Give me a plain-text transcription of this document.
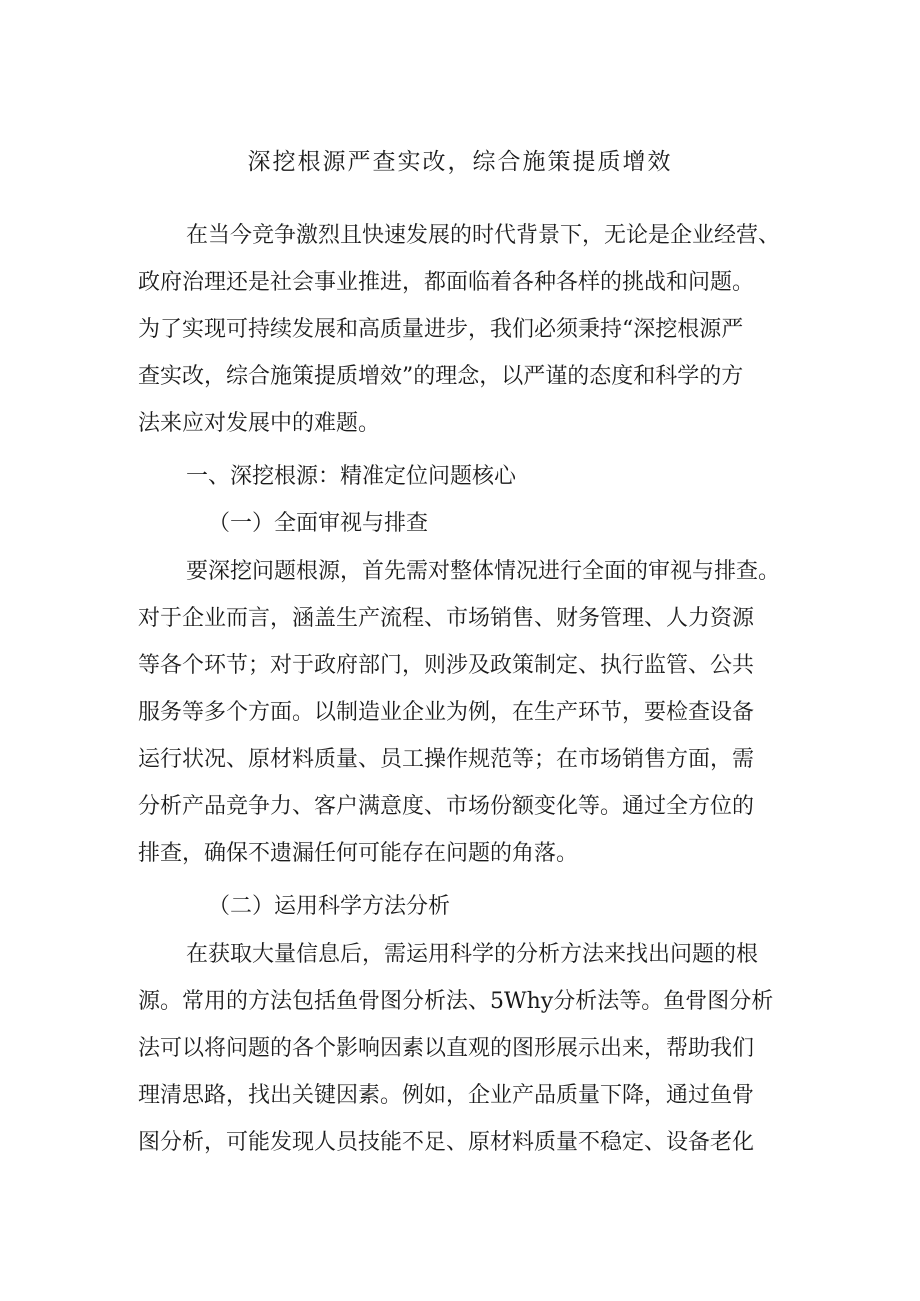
深挖根源严查实改，综合施策提质增效
在当今竞争激烈且快速发展的时代背景下，无论是企业经营、
政府治理还是社会事业推进，都面临着各种各样的挑战和问题。
为了实现可持续发展和高质量进步，我们必须秉持“深挖根源严
查实改，综合施策提质增效”的理念，以严谨的态度和科学的方
法来应对发展中的难题。
一、深挖根源：精准定位问题核心
（一）全面审视与排查
要深挖问题根源，首先需对整体情况进行全面的审视与排查。
对于企业而言，涵盖生产流程、市场销售、财务管理、人力资源
等各个环节；对于政府部门，则涉及政策制定、执行监管、公共
服务等多个方面。以制造业企业为例，在生产环节，要检查设备
运行状况、原材料质量、员工操作规范等；在市场销售方面，需
分析产品竞争力、客户满意度、市场份额变化等。通过全方位的
排查，确保不遗漏任何可能存在问题的角落。
（二）运用科学方法分析
在获取大量信息后，需运用科学的分析方法来找出问题的根
源。常用的方法包括鱼骨图分析法、5Why分析法等。鱼骨图分析
法可以将问题的各个影响因素以直观的图形展示出来，帮助我们
理清思路，找出关键因素。例如，企业产品质量下降，通过鱼骨
图分析，可能发现人员技能不足、原材料质量不稳定、设备老化
